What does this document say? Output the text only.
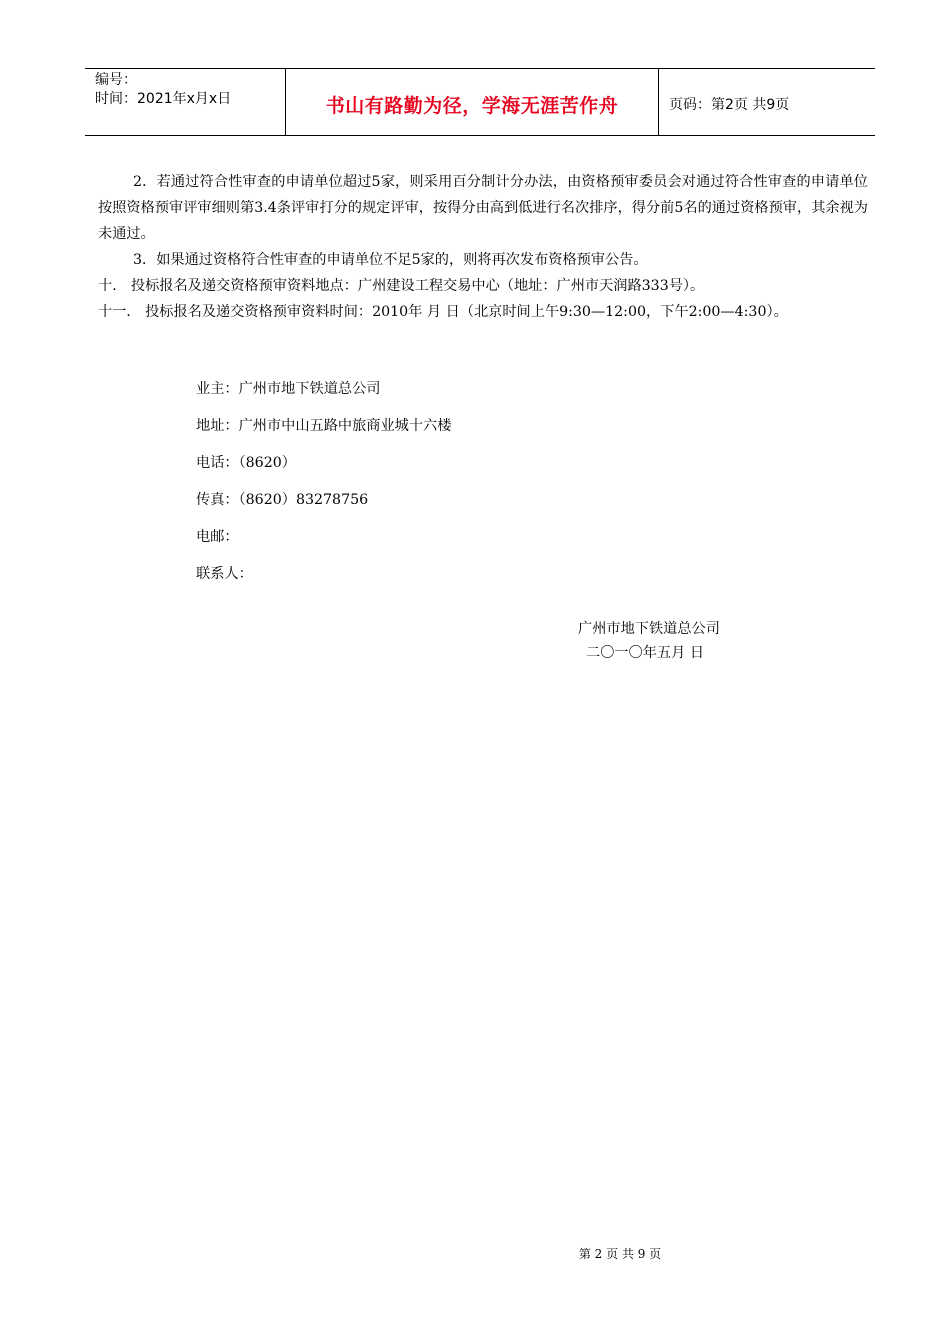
编号：
时间：2021年x月x日	书山有路勤为径，学海无涯苦作舟	页码：第2页 共9页

2．若通过符合性审查的申请单位超过5家，则采用百分制计分办法，由资格预审委员会对通过符合性审查的申请单位按照资格预审评审细则第3.4条评审打分的规定评审，按得分由高到低进行名次排序，得分前5名的通过资格预审，其余视为未通过。

3．如果通过资格符合性审查的申请单位不足5家的，则将再次发布资格预审公告。

十． 投标报名及递交资格预审资料地点：广州建设工程交易中心（地址：广州市天润路333号）。

十一． 投标报名及递交资格预审资料时间：2010年 月 日（北京时间上午9:30—12:00，下午2:00—4:30）。

业主：广州市地下铁道总公司
地址：广州市中山五路中旅商业城十六楼
电话：（8620）
传真：（8620）83278756
电邮：
联系人：
广州市地下铁道总公司
二〇一〇年五月 日
第 2 页 共 9 页
